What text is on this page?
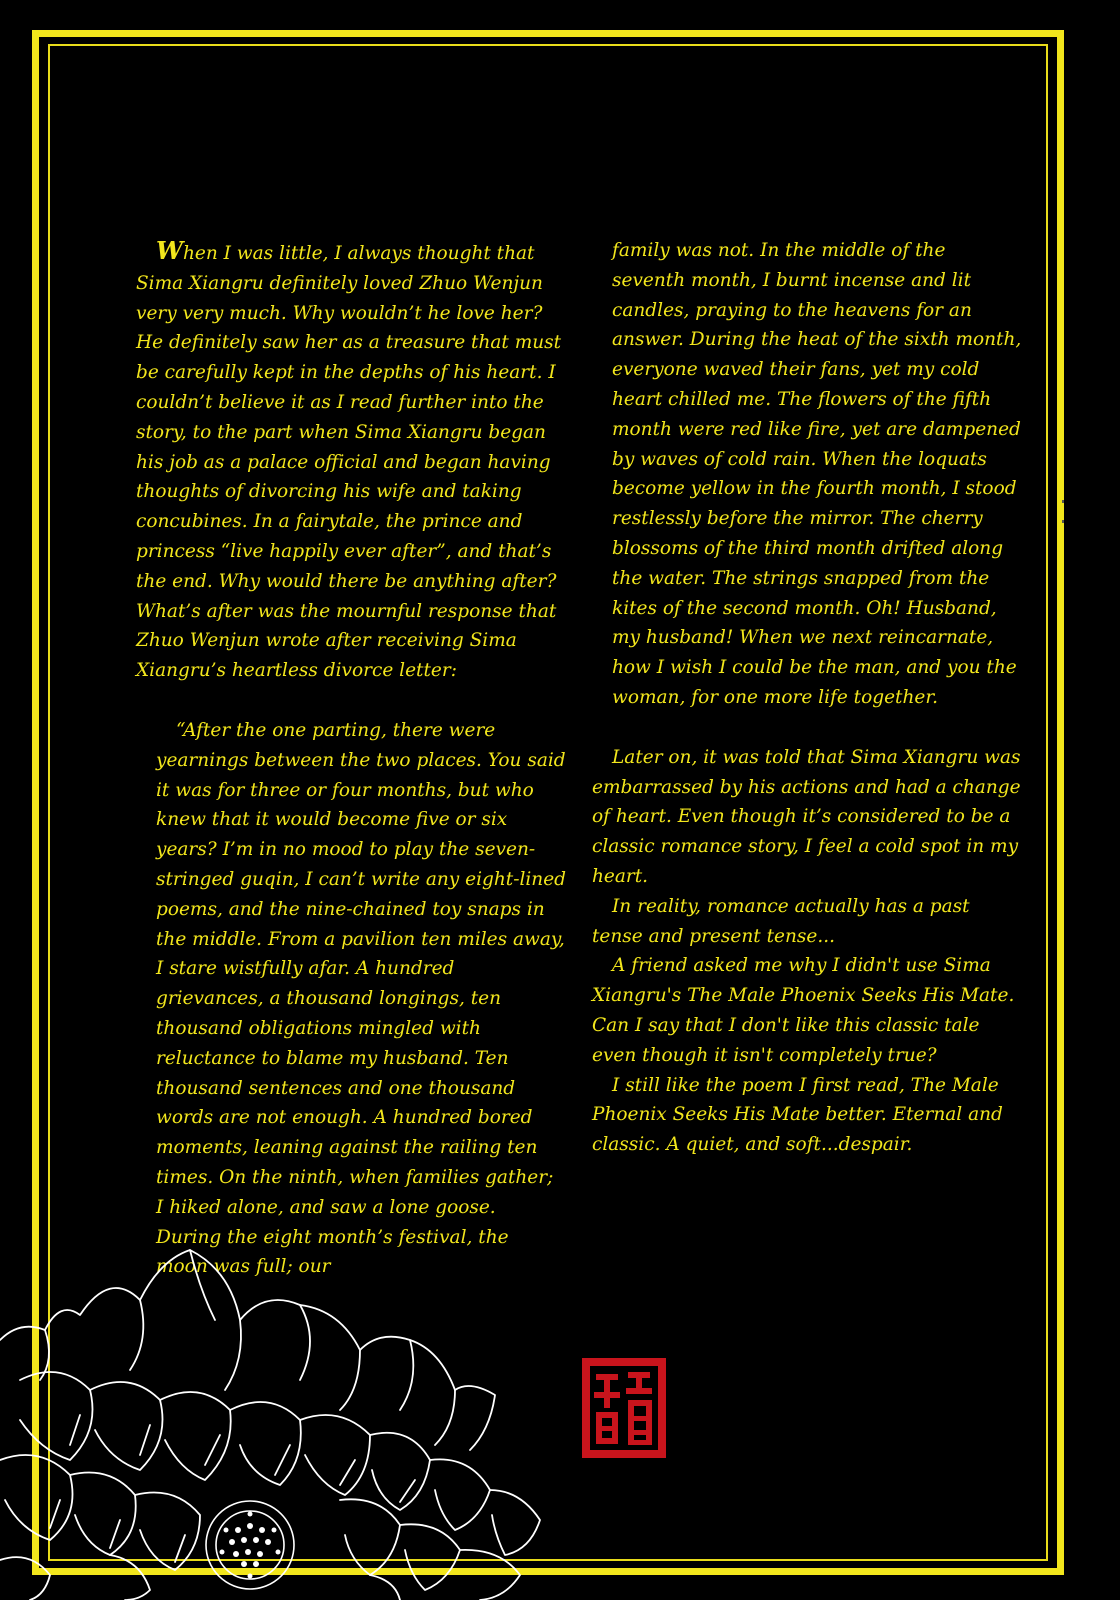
When I was little, I always thought that Sima Xiangru definitely loved Zhuo Wenjun very very much. Why wouldn’t he love her? He definitely saw her as a treasure that must be carefully kept in the depths of his heart. I couldn’t believe it as I read further into the story, to the part when Sima Xiangru began his job as a palace official and began having thoughts of divorcing his wife and taking concubines. In a fairytale, the prince and princess “live happily ever after”, and that’s the end. Why would there be anything after? What’s after was the mournful response that Zhuo Wenjun wrote after receiving Sima Xiangru’s heartless divorce letter:

“After the one parting, there were yearnings between the two places. You said it was for three or four months, but who knew that it would become five or six years? I’m in no mood to play the seven-stringed guqin, I can’t write any eight-lined poems, and the nine-chained toy snaps in the middle. From a pavilion ten miles away, I stare wistfully afar. A hundred grievances, a thousand longings, ten thousand obligations mingled with reluctance to blame my husband. Ten thousand sentences and one thousand words are not enough. A hundred bored moments, leaning against the railing ten times. On the ninth, when families gather; I hiked alone, and saw a lone goose. During the eight month’s festival, the moon was full; our

family was not. In the middle of the seventh month, I burnt incense and lit candles, praying to the heavens for an answer. During the heat of the sixth month, everyone waved their fans, yet my cold heart chilled me. The flowers of the fifth month were red like fire, yet are dampened by waves of cold rain. When the loquats become yellow in the fourth month, I stood restlessly before the mirror. The cherry blossoms of the third month drifted along the water. The strings snapped from the kites of the second month. Oh! Husband, my husband! When we next reincarnate, how I wish I could be the man, and you the woman, for one more life together.

Later on, it was told that Sima Xiangru was embarrassed by his actions and had a change of heart. Even though it’s considered to be a classic romance story, I feel a cold spot in my heart.

In reality, romance actually has a past tense and present tense...

A friend asked me why I didn't use Sima Xiangru's The Male Phoenix Seeks His Mate. Can I say that I don't like this classic tale even though it isn't completely true?

I still like the poem I first read, The Male Phoenix Seeks His Mate better. Eternal and classic. A quiet, and soft...despair.
